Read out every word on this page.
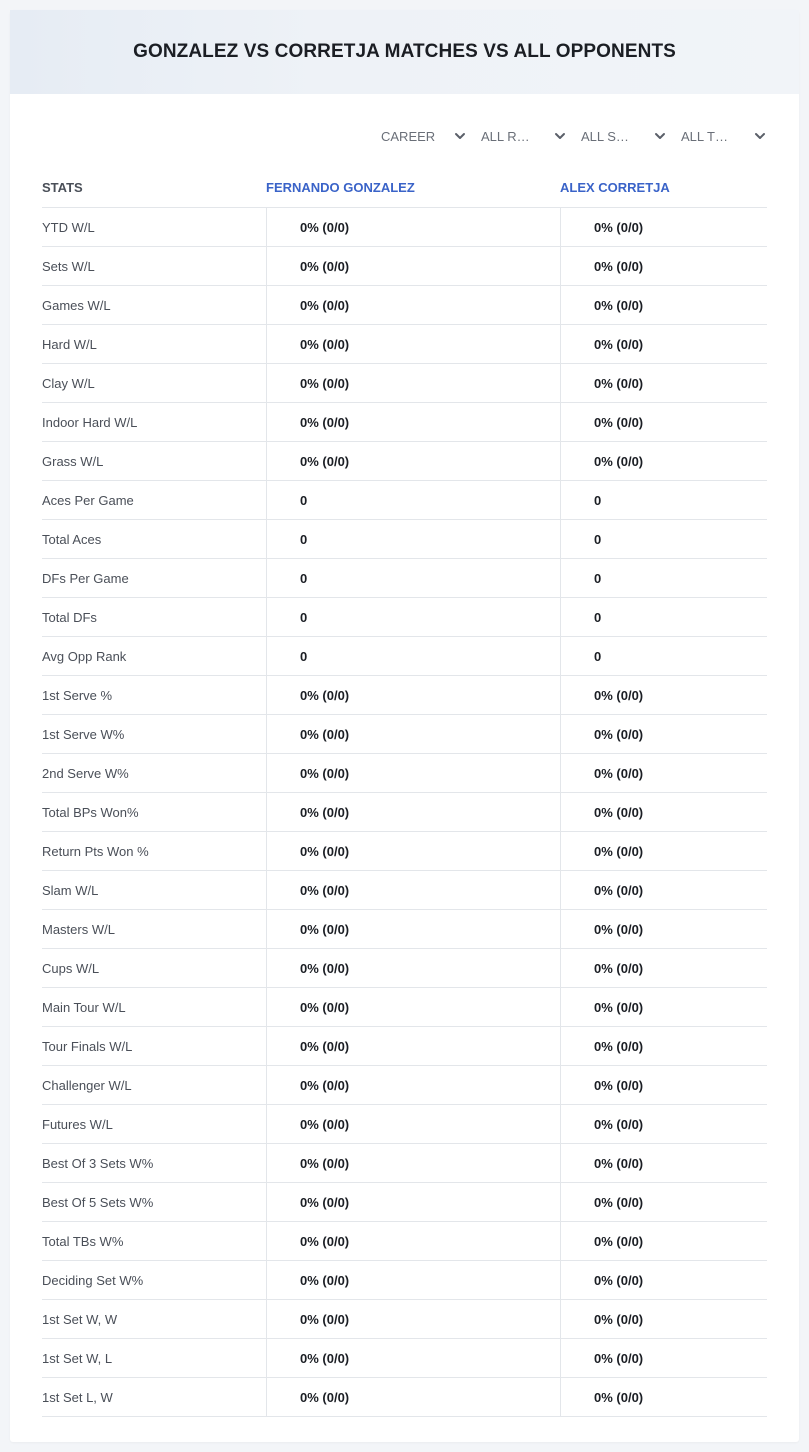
GONZALEZ VS CORRETJA MATCHES VS ALL OPPONENTS
CAREER	ALL R…	ALL S…	ALL T…
STATS	FERNANDO GONZALEZ	ALEX CORRETJA
YTD W/L	0% (0/0)	0% (0/0)
Sets W/L	0% (0/0)	0% (0/0)
Games W/L	0% (0/0)	0% (0/0)
Hard W/L	0% (0/0)	0% (0/0)
Clay W/L	0% (0/0)	0% (0/0)
Indoor Hard W/L	0% (0/0)	0% (0/0)
Grass W/L	0% (0/0)	0% (0/0)
Aces Per Game	0	0
Total Aces	0	0
DFs Per Game	0	0
Total DFs	0	0
Avg Opp Rank	0	0
1st Serve %	0% (0/0)	0% (0/0)
1st Serve W%	0% (0/0)	0% (0/0)
2nd Serve W%	0% (0/0)	0% (0/0)
Total BPs Won%	0% (0/0)	0% (0/0)
Return Pts Won %	0% (0/0)	0% (0/0)
Slam W/L	0% (0/0)	0% (0/0)
Masters W/L	0% (0/0)	0% (0/0)
Cups W/L	0% (0/0)	0% (0/0)
Main Tour W/L	0% (0/0)	0% (0/0)
Tour Finals W/L	0% (0/0)	0% (0/0)
Challenger W/L	0% (0/0)	0% (0/0)
Futures W/L	0% (0/0)	0% (0/0)
Best Of 3 Sets W%	0% (0/0)	0% (0/0)
Best Of 5 Sets W%	0% (0/0)	0% (0/0)
Total TBs W%	0% (0/0)	0% (0/0)
Deciding Set W%	0% (0/0)	0% (0/0)
1st Set W, W	0% (0/0)	0% (0/0)
1st Set W, L	0% (0/0)	0% (0/0)
1st Set L, W	0% (0/0)	0% (0/0)
